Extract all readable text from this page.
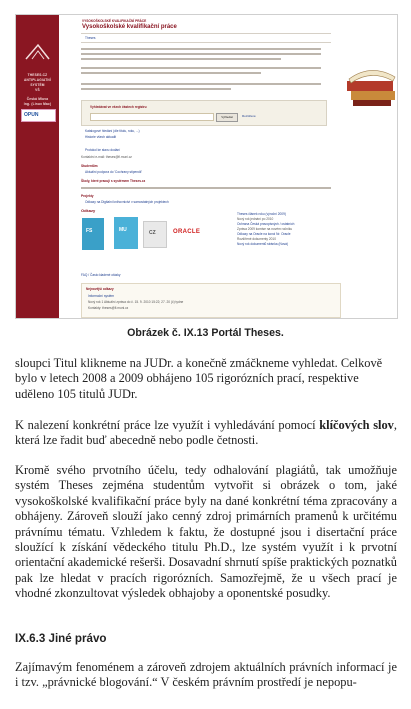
THESES.CZ
ANTIPLAGIATNÍ
SYSTÉM
VŠ
Česká Mluva
Ing. (Linux Mac)
OPUN
VYSOKOŠKOLSKÉ KVALIFIKAČNÍ PRÁCE
Vysokoškolské kvalifikační práce
Theses
Vyhledávat ve všech částech registru
Vyhledat	Rozšířené
Katalogové hledání (dle titulu, roku, ...)
Historie všech aktualit
Protokol ke stavu dodání
Kontaktní e-mail: theses@fi.muni.cz
Studentům
Aktuální podpora do 'Cochrany stipendií'
Školy, které pracují s systémem Theses.cz
Projekty
Odkazy na Digitalní knihovnictví v samostatných projektech
Odkazy
FS	MU	CZ	ORACLE
Theses článek roku (výroční 2009)
Nový rok jednání po 2010
Ochrana Česká pravopisných / ostatních
Zpráva 2009 komise na novém ročníku
Odkazy na Oracle na konci Nr. Oracle
Rozšířené dokumenty 2010
Nový rok dokumentů stránka (Nová)
FAQ / Často kladené otázky
Nejnovější odkazy
Informační systém
Nový rok 1 Aktuální zpráva do č. 15. 9. 2010 15:22; 27. 20 (č) tydne
Kontakty: theses@fi.muni.cz
Obrázek č. IX.13 Portál Theses.
sloupci Titul klikneme na JUDr. a konečně zmáčkneme vyhledat. Celkově
bylo v letech 2008 a 2009 obhájeno 105 rigorózních prací, respektive
uděleno 105 titulů JUDr.
K nalezení konkrétní práce lze využít i vyhledávání pomocí klíčových slov, která lze řadit buď abecedně nebo podle četnosti.
Kromě svého prvotního účelu, tedy odhalování plagiátů, tak umožňuje systém Theses zejména studentům vytvořit si obrázek o tom, jaké vysokoškolské kvalifikační práce byly na dané konkrétní téma zpracovány a obhájeny. Zároveň slouží jako cenný zdroj primárních pramenů k určitému právnímu tématu. Vzhledem k faktu, že dostupné jsou i disertační práce sloužící k získání vědeckého titulu Ph.D., lze systém využít i k prvotní orientační akademické rešerši. Dosavadní shrnutí spíše praktických poznatků pak lze hledat v pracích rigorózních. Samozřejmě, že u všech prací je vhodné zkonzultovat výsledek obhajoby a oponentské posudky.
IX.6.3 Jiné právo
Zajímavým fenoménem a zároveň zdrojem aktuálních právních informací je i tzv. „právnické blogování.“ V českém právním prostředí je nepopu-
